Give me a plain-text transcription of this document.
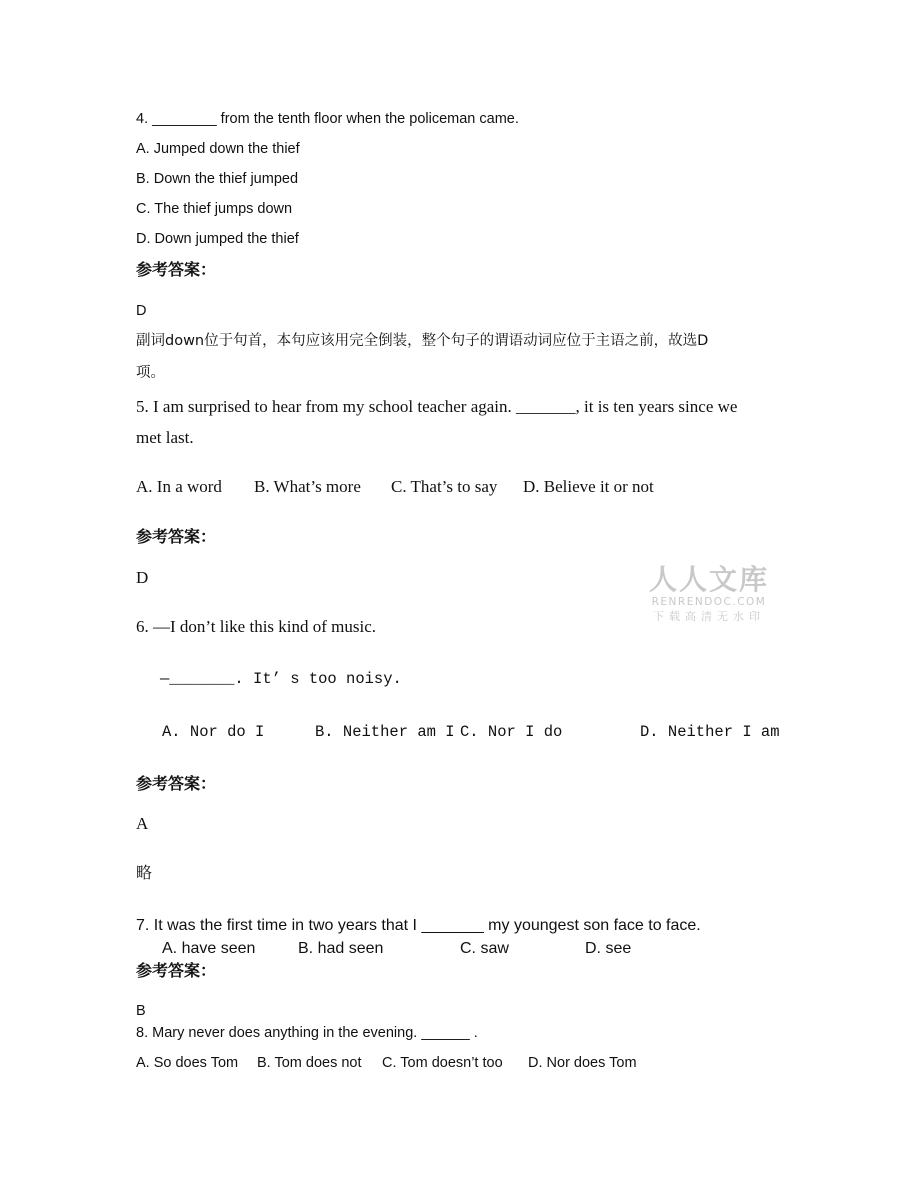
4. ________ from the tenth floor when the policeman came.
A. Jumped down the thief
B. Down the thief jumped
C. The thief jumps down
D. Down jumped the thief
参考答案：
D
副词down位于句首，本句应该用完全倒装，整个句子的谓语动词应位于主语之前，故选D
项。
5. I am surprised to hear from my school teacher again. _______, it is ten years since we
met last.
A. In a word B. What’s more C. That’s to say D. Believe it or not
参考答案：
D	人人文库
RENRENDOC.COM
下载高清无水印
6. —I don’t like this kind of music.
—_______. It’ s too noisy.
A. Nor do I	B. Neither am I C. Nor I do	D. Neither I am
参考答案：
A
略
7. It was the first time in two years that I _______ my youngest son face to face.
A. have seen	B. had seen	C. saw	D. see
参考答案：
B
8. Mary never does anything in the evening. ______ .
A. So does Tom B. Tom does not C. Tom doesn’t too D. Nor does Tom
